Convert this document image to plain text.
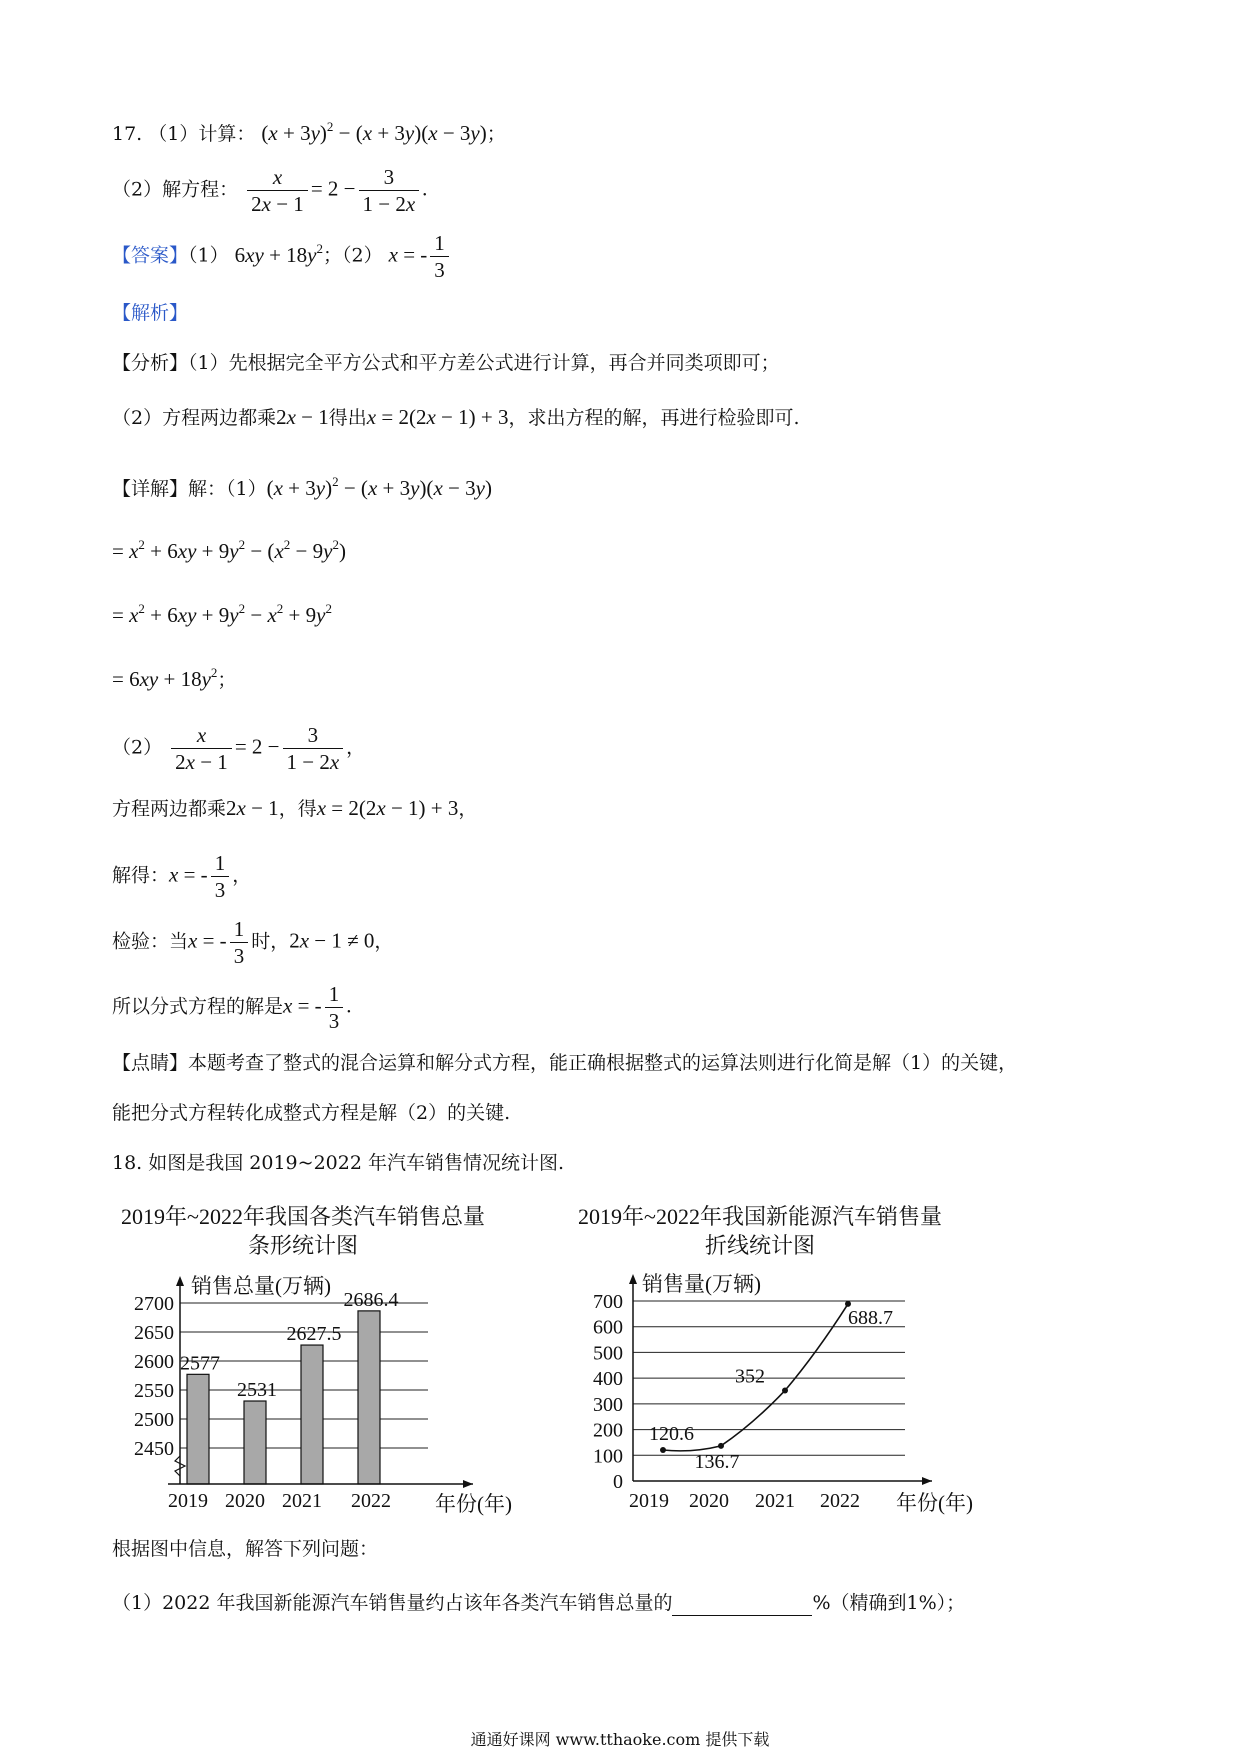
17. （1）计算： $(x + 3y)^2 - (x + 3y)(x - 3y)$；
（2）解方程： $\frac{x}{2x - 1} = 2 - \frac{3}{1 - 2x}$ .
【答案】（1） $6xy + 18y^2$；（2） x = - $\frac{1}{3}$
【解析】
【分析】（1）先根据完全平方公式和平方差公式进行计算，再合并同类项即可；
（2）方程两边都乘2x − 1得出x = 2(2x − 1) + 3，求出方程的解，再进行检验即可.
【详解】解：$(1)(x + 3y)^2 - (x + 3y)(x - 3y)$
= $x^2 + 6xy + 9y^2 - (x^2 - 9y^2)$
= $x^2 + 6xy + 9y^2 - x^2 + 9y^2$
= $6xy + 18y^2$；
$(2) \frac{x}{2x - 1} = 2 - \frac{3}{1 - 2x}$ ，
方程两边都乘2x − 1，得x = 2(2x − 1) + 3，
解得：x = - $\frac{1}{3}$ ，
检验：当x = - $\frac{1}{3}$ 时，2x − 1 ≠ 0，
所以分式方程的解是x = - $\frac{1}{3}$ .
【点睛】本题考查了整式的混合运算和解分式方程，能正确根据整式的运算法则进行化简是解（1）的关键，
能把分式方程转化成整式方程是解（2）的关键.
18. 如图是我国 2019~2022 年汽车销售情况统计图.
2019年~2022年我国各类汽车销售总量
条形统计图
销售总量(万辆)
年份(年)
2450
2500
2550
2600
2650
2700
2577
2019
2531
2020
2627.5
2021
2686.4
2022
2019年~2022年我国新能源汽车销售量
折线统计图
销售量(万辆)
年份(年)
0
100
200
300
400
500
600
700
120.6
136.7
352
688.7
2019 2020 2021 2022
根据图中信息，解答下列问题：
（1）2022 年我国新能源汽车销售量约占该年各类汽车销售总量的	%（精确到1%）；
通通好课网 www.tthaoke.com 提供下载
